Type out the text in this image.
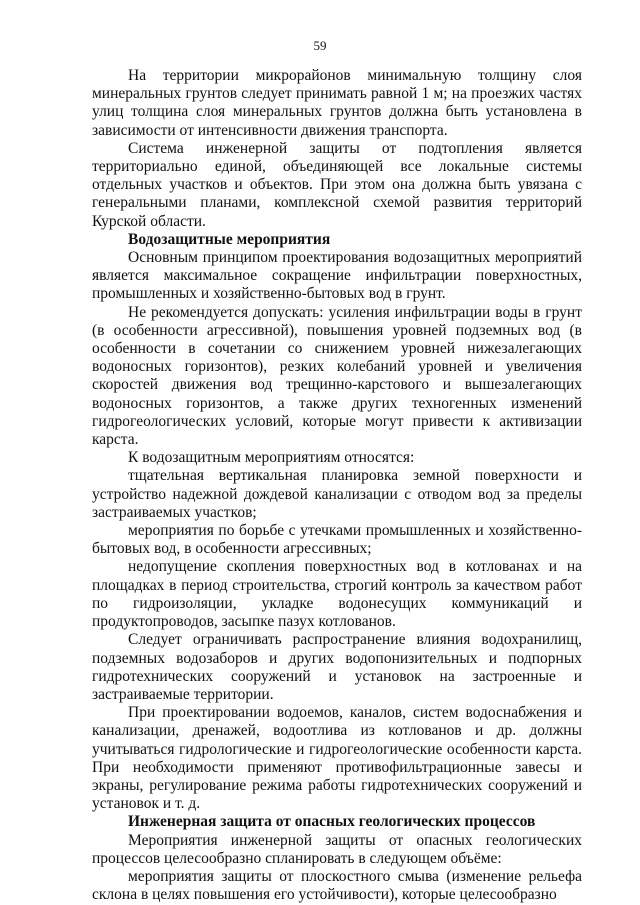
59

На территории микрорайонов минимальную толщину слоя минеральных грунтов следует принимать равной 1 м; на проезжих частях улиц толщина слоя минеральных грунтов должна быть установлена в зависимости от интенсивности движения транспорта.

Система инженерной защиты от подтопления является территориально единой, объединяющей все локальные системы отдельных участков и объектов. При этом она должна быть увязана с генеральными планами, комплексной схемой развития территорий Курской области.

Водозащитные мероприятия

Основным принципом проектирования водозащитных мероприятий является максимальное сокращение инфильтрации поверхностных, промышленных и хозяйственно-бытовых вод в грунт.

Не рекомендуется допускать: усиления инфильтрации воды в грунт (в особенности агрессивной), повышения уровней подземных вод (в особенности в сочетании со снижением уровней нижезалегающих водоносных горизонтов), резких колебаний уровней и увеличения скоростей движения вод трещинно-карстового и вышезалегающих водоносных горизонтов, а также других техногенных изменений гидрогеологических условий, которые могут привести к активизации карста.

К водозащитным мероприятиям относятся:

тщательная вертикальная планировка земной поверхности и устройство надежной дождевой канализации с отводом вод за пределы застраиваемых участков;

мероприятия по борьбе с утечками промышленных и хозяйственно-бытовых вод, в особенности агрессивных;

недопущение скопления поверхностных вод в котлованах и на площадках в период строительства, строгий контроль за качеством работ по гидроизоляции, укладке водонесущих коммуникаций и продуктопроводов, засыпке пазух котлованов.

Следует ограничивать распространение влияния водохранилищ, подземных водозаборов и других водопонизительных и подпорных гидротехнических сооружений и установок на застроенные и застраиваемые территории.

При проектировании водоемов, каналов, систем водоснабжения и канализации, дренажей, водоотлива из котлованов и др. должны учитываться гидрологические и гидрогеологические особенности карста. При необходимости применяют противофильтрационные завесы и экраны, регулирование режима работы гидротехнических сооружений и установок и т. д.

Инженерная защита от опасных геологических процессов

Мероприятия инженерной защиты от опасных геологических процессов целесообразно спланировать в следующем объёме:

мероприятия защиты от плоскостного смыва (изменение рельефа склона в целях повышения его устойчивости), которые целесообразно
